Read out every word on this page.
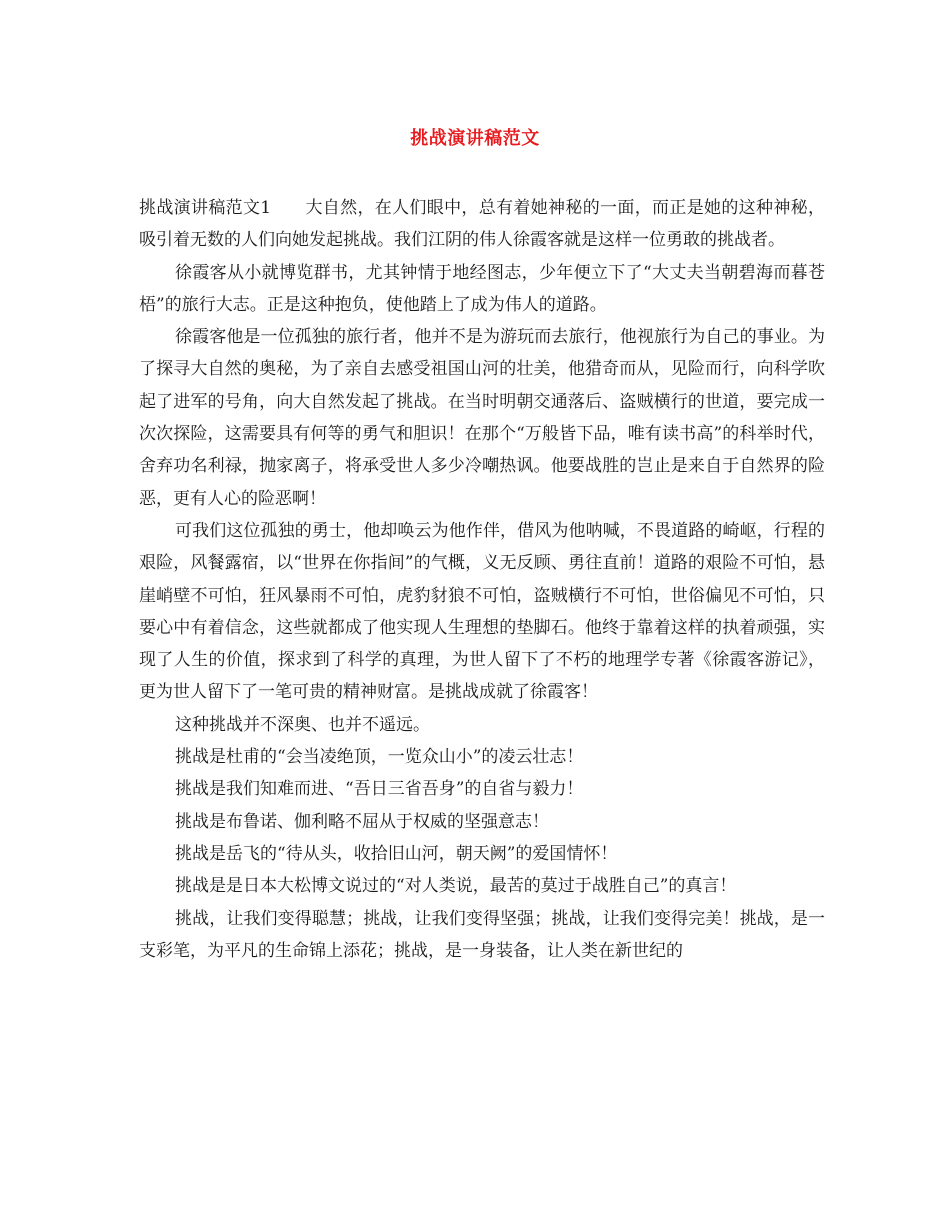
挑战演讲稿范文

挑战演讲稿范文1 大自然，在人们眼中，总有着她神秘的一面，而正是她的这种神秘，吸引着无数的人们向她发起挑战。我们江阴的伟人徐霞客就是这样一位勇敢的挑战者。

徐霞客从小就博览群书，尤其钟情于地经图志，少年便立下了“大丈夫当朝碧海而暮苍梧”的旅行大志。正是这种抱负，使他踏上了成为伟人的道路。

徐霞客他是一位孤独的旅行者，他并不是为游玩而去旅行，他视旅行为自己的事业。为了探寻大自然的奥秘，为了亲自去感受祖国山河的壮美，他猎奇而从，见险而行，向科学吹起了进军的号角，向大自然发起了挑战。在当时明朝交通落后、盗贼横行的世道，要完成一次次探险，这需要具有何等的勇气和胆识！在那个“万般皆下品，唯有读书高”的科举时代，舍弃功名利禄，抛家离子，将承受世人多少冷嘲热讽。他要战胜的岂止是来自于自然界的险恶，更有人心的险恶啊！

可我们这位孤独的勇士，他却唤云为他作伴，借风为他呐喊，不畏道路的崎岖，行程的艰险，风餐露宿，以“世界在你指间”的气概，义无反顾、勇往直前！道路的艰险不可怕，悬崖峭壁不可怕，狂风暴雨不可怕，虎豹豺狼不可怕，盗贼横行不可怕，世俗偏见不可怕，只要心中有着信念，这些就都成了他实现人生理想的垫脚石。他终于靠着这样的执着顽强，实现了人生的价值，探求到了科学的真理，为世人留下了不朽的地理学专著《徐霞客游记》，更为世人留下了一笔可贵的精神财富。是挑战成就了徐霞客！

这种挑战并不深奥、也并不遥远。

挑战是杜甫的“会当凌绝顶，一览众山小”的凌云壮志！

挑战是我们知难而进、“吾日三省吾身”的自省与毅力！

挑战是布鲁诺、伽利略不屈从于权威的坚强意志！

挑战是岳飞的“待从头，收拾旧山河，朝天阙”的爱国情怀！

挑战是是日本大松博文说过的“对人类说，最苦的莫过于战胜自己”的真言！

挑战，让我们变得聪慧；挑战，让我们变得坚强；挑战，让我们变得完美！挑战，是一支彩笔，为平凡的生命锦上添花；挑战，是一身装备，让人类在新世纪的
